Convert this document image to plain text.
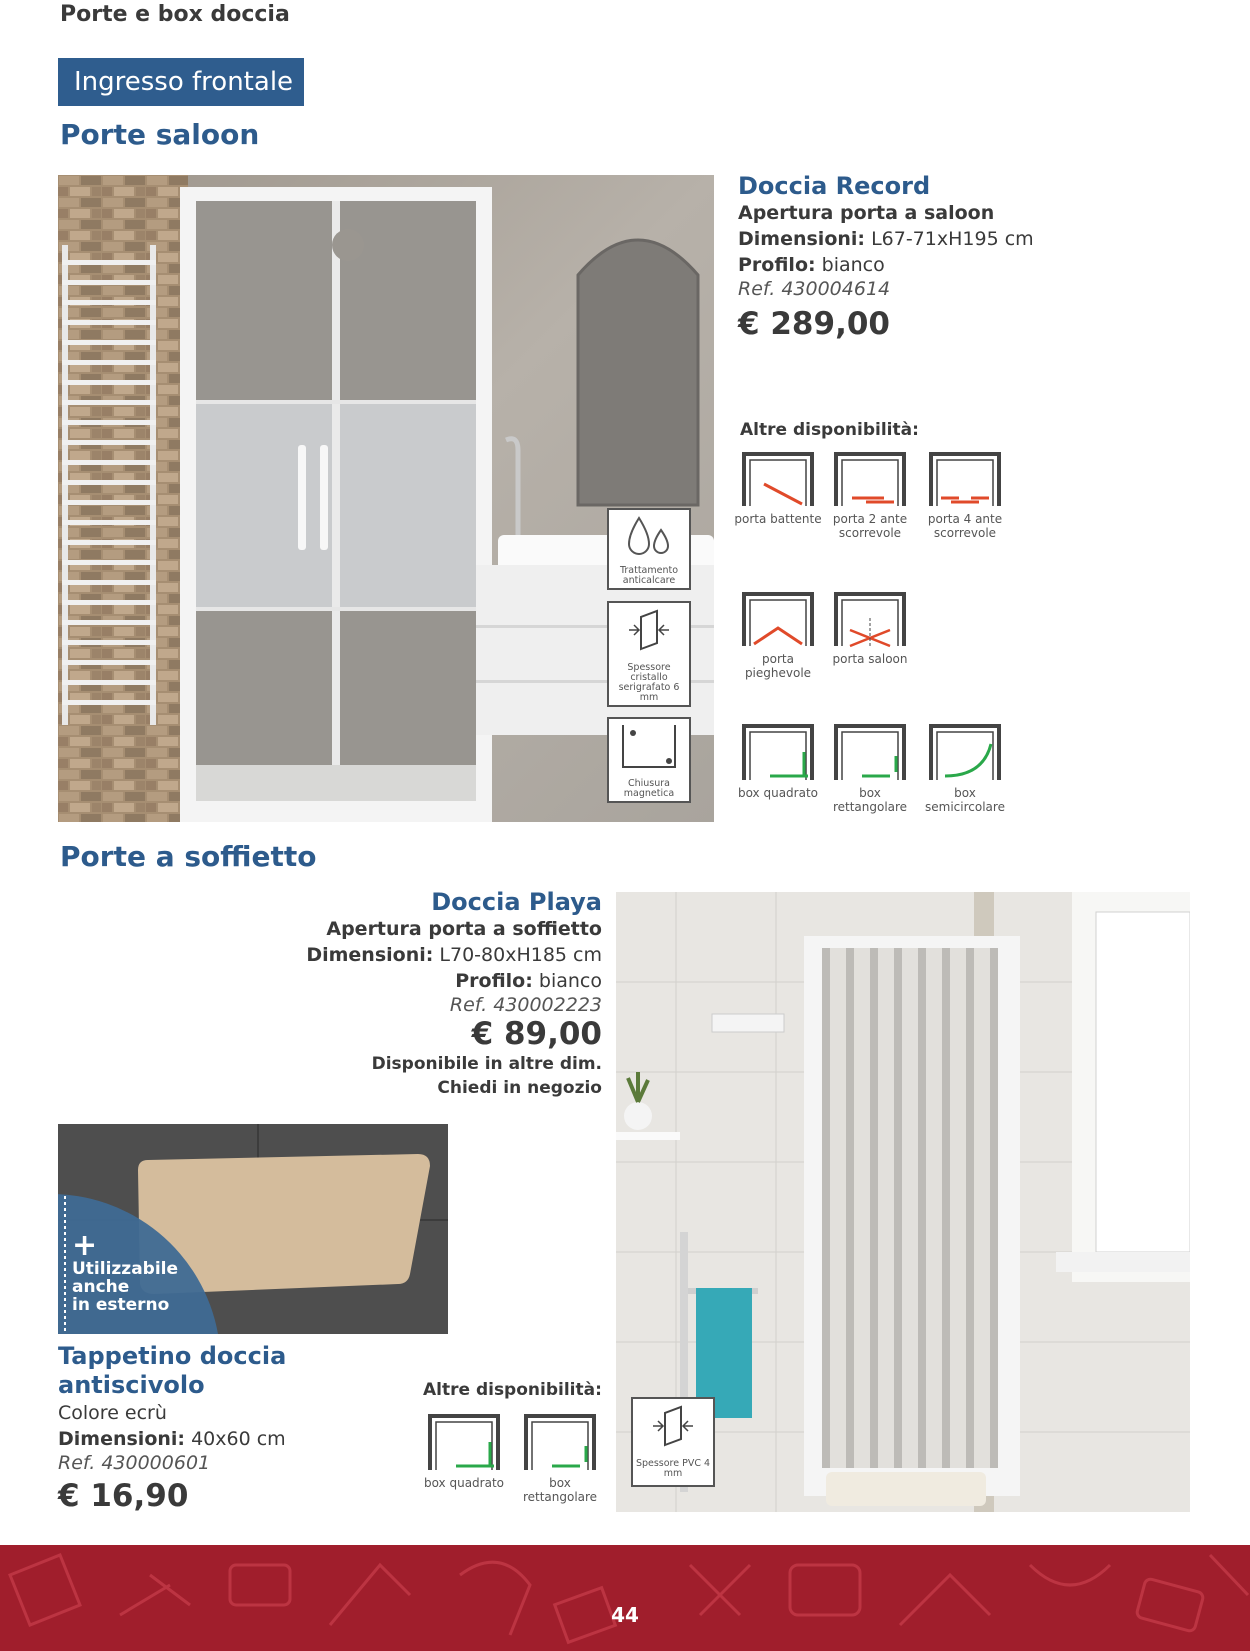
Porte e box doccia
Ingresso frontale
Porte saloon
Trattamento anticalcare
Spessore cristallo serigrafato 6 mm
Chiusura magnetica
Doccia Record
Apertura porta a saloon
Dimensioni: L67-71xH195 cm
Profilo: bianco
Ref. 430004614
€ 289,00
Altre disponibilità:
porta battente porta 2 ante scorrevole
porta 4 ante scorrevole
porta pieghevole
porta saloon
box quadrato	box rettangolare
box semicircolare
Porte a soffietto
Doccia Playa
Apertura porta a soffietto
Dimensioni: L70-80xH185 cm
Profilo: bianco
Ref. 430002223
€ 89,00
Disponibile in altre dim.
Chiedi in negozio
Spessore PVC 4 mm
Altre disponibilità:
box quadrato	box rettangolare
+
Utilizzabile
anche
in esterno
Tappetino doccia
antiscivolo
Colore ecrù
Dimensioni: 40x60 cm
Ref. 430000601
€ 16,90
44
